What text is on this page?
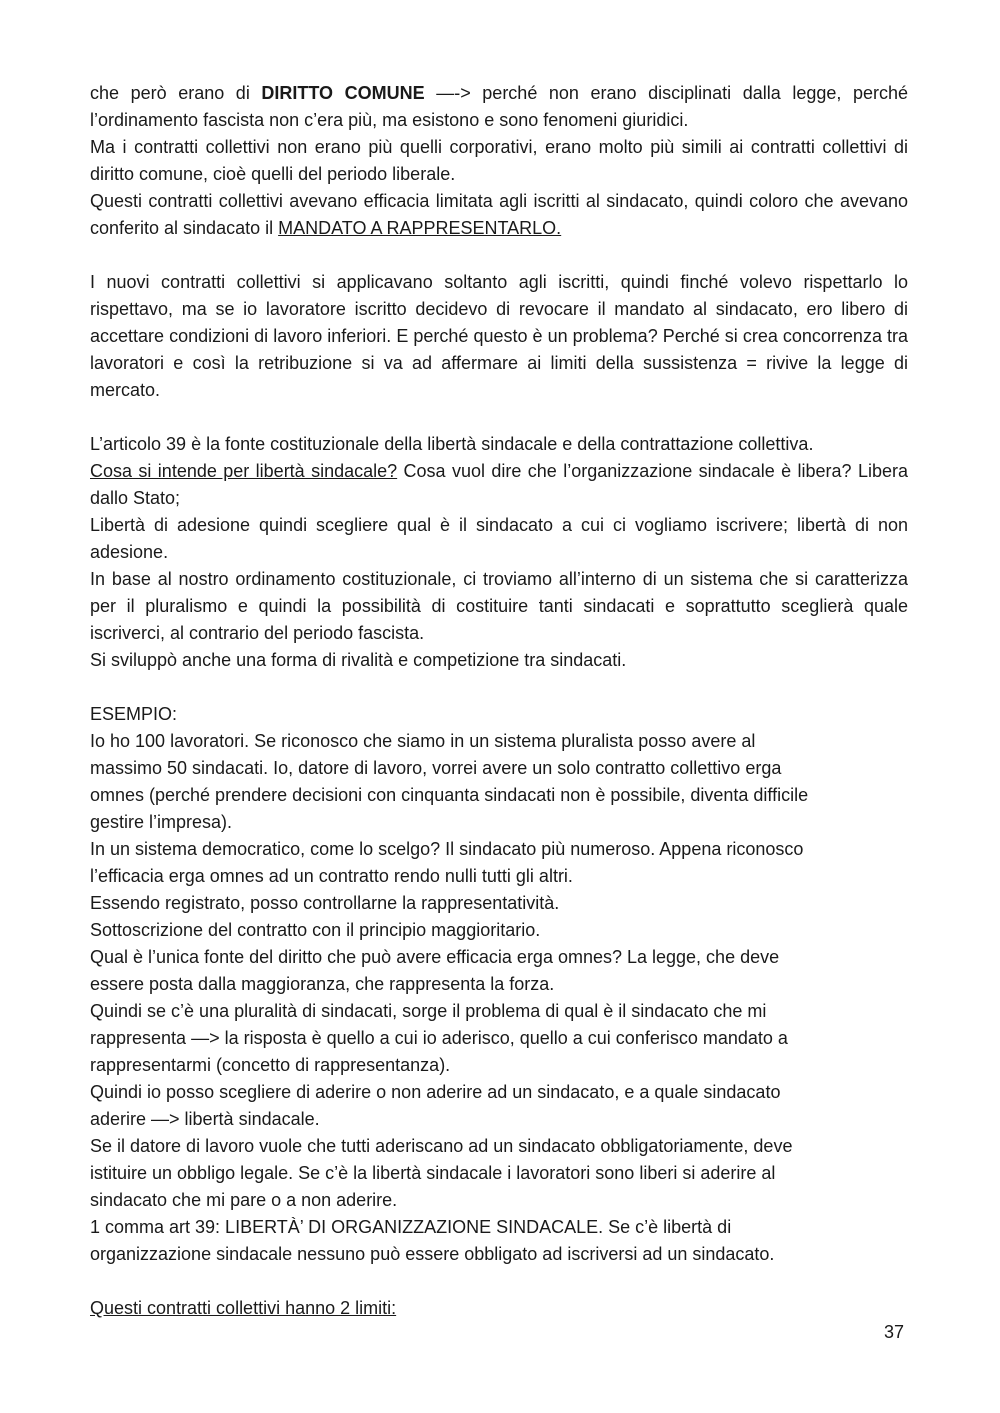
che però erano di DIRITTO COMUNE —-> perché non erano disciplinati dalla legge, perché l’ordinamento fascista non c’era più, ma esistono e sono fenomeni giuridici.

Ma i contratti collettivi non erano più quelli corporativi, erano molto più simili ai contratti collettivi di diritto comune, cioè quelli del periodo liberale.

Questi contratti collettivi avevano efficacia limitata agli iscritti al sindacato, quindi coloro che avevano conferito al sindacato il MANDATO A RAPPRESENTARLO.

I nuovi contratti collettivi si applicavano soltanto agli iscritti, quindi finché volevo rispettarlo lo rispettavo, ma se io lavoratore iscritto decidevo di revocare il mandato al sindacato, ero libero di accettare condizioni di lavoro inferiori. E perché questo è un problema? Perché si crea concorrenza tra lavoratori e così la retribuzione si va ad affermare ai limiti della sussistenza = rivive la legge di mercato.

L’articolo 39 è la fonte costituzionale della libertà sindacale e della contrattazione collettiva.

Cosa si intende per libertà sindacale? Cosa vuol dire che l’organizzazione sindacale è libera? Libera dallo Stato;

Libertà di adesione quindi scegliere qual è il sindacato a cui ci vogliamo iscrivere; libertà di non adesione.

In base al nostro ordinamento costituzionale, ci troviamo all’interno di un sistema che si caratterizza per il pluralismo e quindi la possibilità di costituire tanti sindacati e soprattutto sceglierà quale iscriverci, al contrario del periodo fascista.

Si sviluppò anche una forma di rivalità e competizione tra sindacati.

ESEMPIO:

Io ho 100 lavoratori. Se riconosco che siamo in un sistema pluralista posso avere al
massimo 50 sindacati. Io, datore di lavoro, vorrei avere un solo contratto collettivo erga
omnes (perché prendere decisioni con cinquanta sindacati non è possibile, diventa difficile
gestire l’impresa).
In un sistema democratico, come lo scelgo? Il sindacato più numeroso. Appena riconosco
l’efficacia erga omnes ad un contratto rendo nulli tutti gli altri.
Essendo registrato, posso controllarne la rappresentatività.
Sottoscrizione del contratto con il principio maggioritario.
Qual è l’unica fonte del diritto che può avere efficacia erga omnes? La legge, che deve
essere posta dalla maggioranza, che rappresenta la forza.
Quindi se c’è una pluralità di sindacati, sorge il problema di qual è il sindacato che mi
rappresenta —> la risposta è quello a cui io aderisco, quello a cui conferisco mandato a
rappresentarmi (concetto di rappresentanza).
Quindi io posso scegliere di aderire o non aderire ad un sindacato, e a quale sindacato
aderire —> libertà sindacale.
Se il datore di lavoro vuole che tutti aderiscano ad un sindacato obbligatoriamente, deve
istituire un obbligo legale. Se c’è la libertà sindacale i lavoratori sono liberi si aderire al
sindacato che mi pare o a non aderire.
1 comma art 39: LIBERTÀ’ DI ORGANIZZAZIONE SINDACALE. Se c’è libertà di
organizzazione sindacale nessuno può essere obbligato ad iscriversi ad un sindacato.

Questi contratti collettivi hanno 2 limiti:

37
